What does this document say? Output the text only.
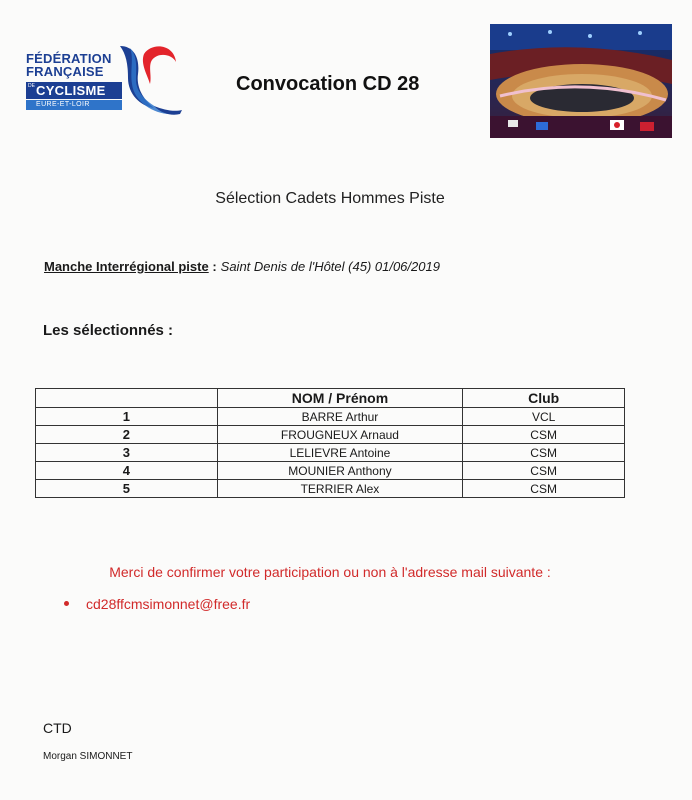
FÉDÉRATION
FRANÇAISE
DE CYCLISME
EURE-ET-LOIR
Convocation CD 28
Sélection Cadets Hommes Piste
Manche Interrégional piste : Saint Denis de l'Hôtel (45) 01/06/2019
Les sélectionnés :
	NOM / Prénom	Club
1	BARRE Arthur	VCL
2	FROUGNEUX Arnaud	CSM
3	LELIEVRE Antoine	CSM
4	MOUNIER Anthony	CSM
5	TERRIER Alex	CSM
Merci de confirmer votre participation ou non à l'adresse mail suivante :
cd28ffcmsimonnet@free.fr
CTD
Morgan SIMONNET
